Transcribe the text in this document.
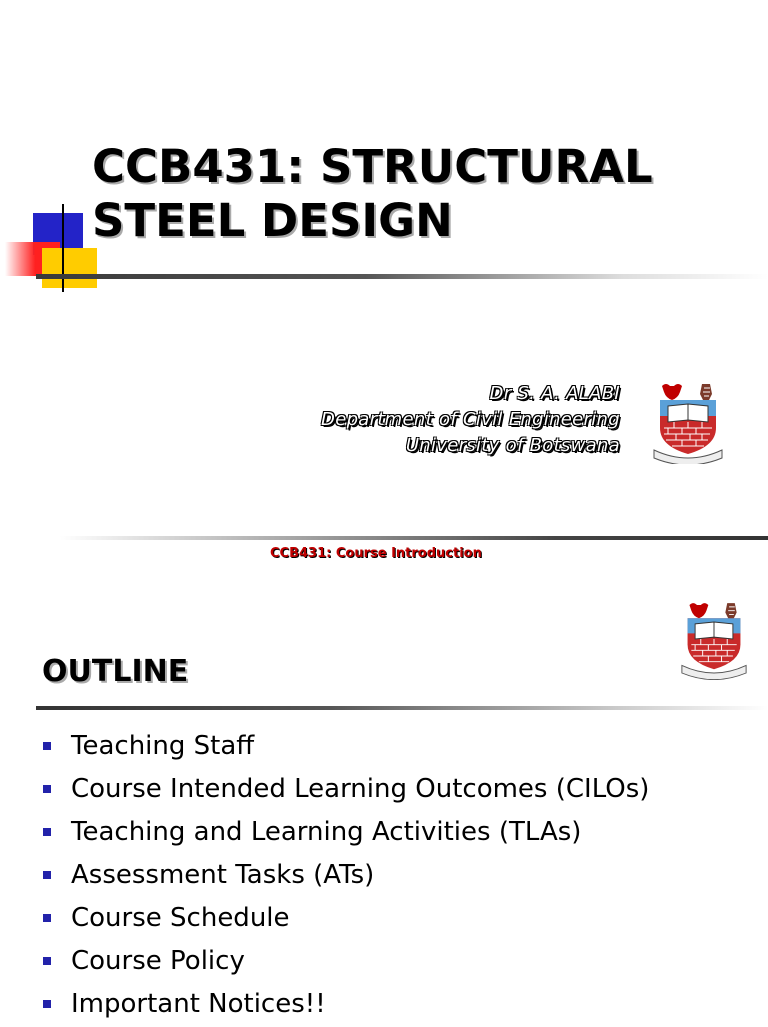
CCB431: STRUCTURAL
STEEL DESIGN
Dr S. A. ALABI
Department of Civil Engineering
University of Botswana
CCB431: Course Introduction
OUTLINE
Teaching Staff
Course Intended Learning Outcomes (CILOs)
Teaching and Learning Activities (TLAs)
Assessment Tasks (ATs)
Course Schedule
Course Policy
Important Notices!!
